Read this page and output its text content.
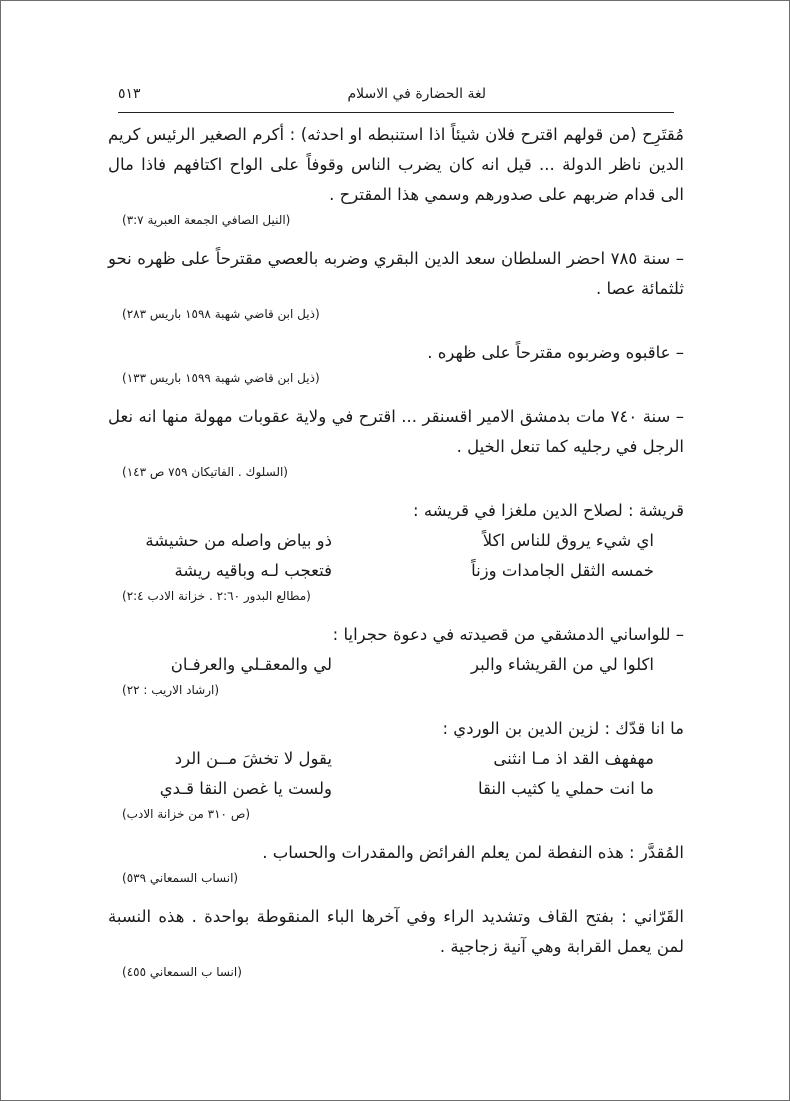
لغة الحضارة في الاسلام
٥١٣

مُقتَرِح (من قولهم اقترح فلان شيئاً اذا استنبطه او احدثه) : أكرم الصغير الرئيس كريم الدين ناظر الدولة ... قيل انه كان يضرب الناس وقوفاً على الواح اكتافهم فاذا مال الى قدام ضربهم على صدورهم وسمي هذا المقترح .

(النيل الصافي الجمعة العبرية ٣:٧)

– سنة ٧٨٥ احضر السلطان سعد الدين البقري وضربه بالعصي مقترحاً على ظهره نحو ثلثمائة عصا .

(ذيل ابن قاضي شهبة ١٥٩٨ باريس ٢٨٣)

– عاقبوه وضربوه مقترحاً على ظهره .

(ذيل ابن قاضي شهبة ١٥٩٩ باريس ١٣٣)

– سنة ٧٤٠ مات بدمشق الامير اقسنقر ... اقترح في ولاية عقوبات مهولة منها انه نعل الرجل في رجليه كما تنعل الخيل .

(السلوك . الفاتيكان ٧٥٩ ص ١٤٣)

قريشة : لصلاح الدين ملغزا في قريشه :

اي شيء يروق للناس اكلاً
ذو بياض واصله من حشيشة
خمسه الثقل الجامدات وزناً
فتعجب لـه وباقيه ريشة

(مطالع البدور ٢:٦٠ . خزانة الادب ٢:٤)

– للواساني الدمشقي من قصيدته في دعوة حجرايا :

اكلوا لي من القريشاء والبر
لي والمعقـلي والعرفـان

(ارشاد الاريب : ٢٢)

ما انا قدّك : لزين الدين بن الوردي :

مهفهف القد اذ مـا انثنى
يقول لا تخشَ مــن الرد
ما انت حملي يا كثيب النقا
ولست يا غصن النقا قـدي

(ص ٣١٠ من خزانة الادب)

المُقدَّر : هذه النفطة لمن يعلم الفرائض والمقدرات والحساب .

(انساب السمعاني ٥٣٩)

القَرّاني : بفتح القاف وتشديد الراء وفي آخرها الباء المنقوطة بواحدة . هذه النسبة لمن يعمل القرابة وهي آنية زجاجية .

(انسا ب السمعاني ٤٥٥)
